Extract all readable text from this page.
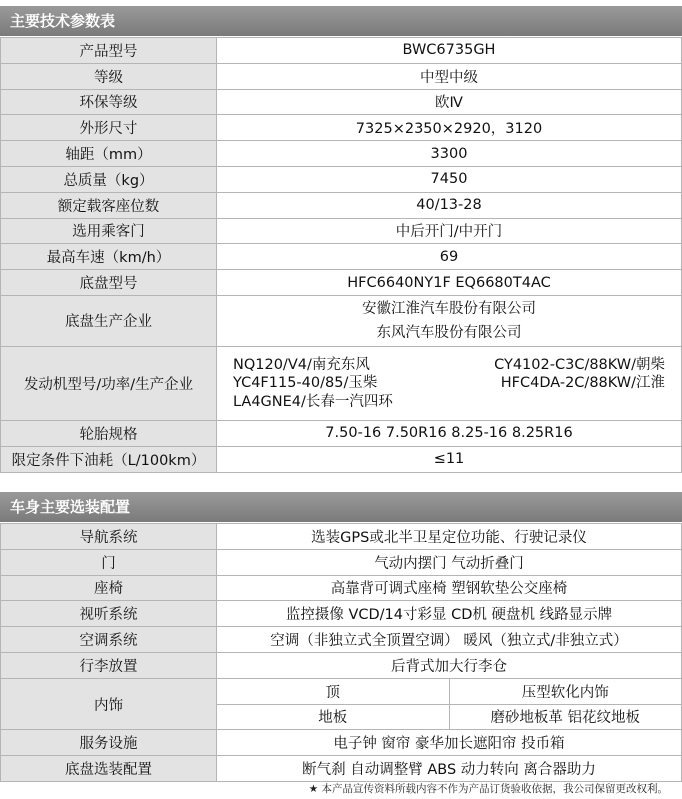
主要技术参数表
产品型号	BWC6735GH
等级	中型中级
环保等级	欧Ⅳ
外形尺寸	7325×2350×2920，3120
轴距（mm）	3300
总质量（kg）	7450
额定载客座位数	40/13-28
选用乘客门	中后开门/中开门
最高车速（km/h）	69
底盘型号	HFC6640NY1F EQ6680T4AC
底盘生产企业	安徽江淮汽车股份有限公司
东风汽车股份有限公司

发动机型号/功率/生产企业	NQ120/V4/南充东风 CY4102-C3C/88KW/朝柴
YC4F115-40/85/玉柴 HFC4DA-2C/88KW/江淮
LA4GNE4/长春一汽四环

轮胎规格	7.50-16 7.50R16 8.25-16 8.25R16
限定条件下油耗（L/100km）	≤11
车身主要选装配置
导航系统	选装GPS或北半卫星定位功能、行驶记录仪	
门	气动内摆门 气动折叠门	
座椅	高靠背可调式座椅 塑钢软垫公交座椅	
视听系统	监控摄像 VCD/14寸彩显 CD机 硬盘机 线路显示牌	
空调系统	空调（非独立式全顶置空调） 暖风（独立式/非独立式）	
行李放置	后背式加大行李仓	
内饰	顶	压型软化内饰
	地板	磨砂地板革 铝花纹地板
服务设施	电子钟 窗帘 豪华加长遮阳帘 投币箱	
底盘选装配置	断气刹 自动调整臂 ABS 动力转向 离合器助力	
★ 本产品宣传资料所载内容不作为产品订货验收依据，我公司保留更改权利。
